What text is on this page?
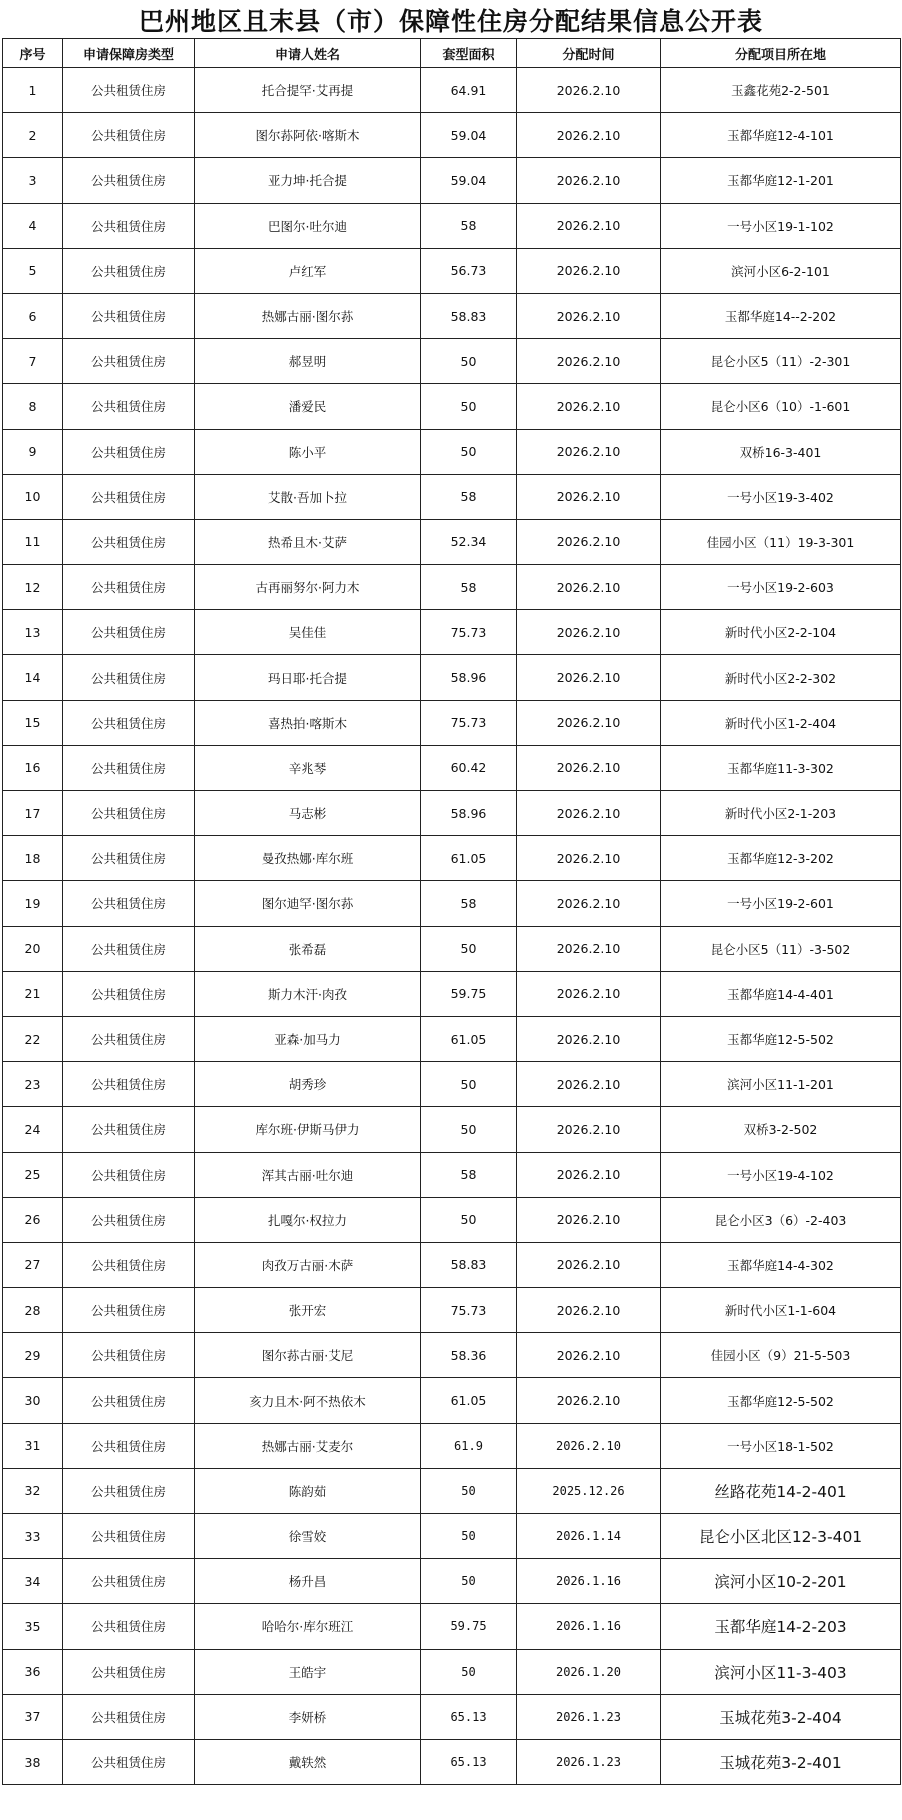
巴州地区且末县（市）保障性住房分配结果信息公开表
序号	申请保障房类型	申请人姓名	套型面积	分配时间	分配项目所在地
1	公共租赁住房	托合提罕·艾再提	64.91	2026.2.10	玉鑫花苑2-2-501
2	公共租赁住房	图尔荪阿依·喀斯木	59.04	2026.2.10	玉都华庭12-4-101
3	公共租赁住房	亚力坤·托合提	59.04	2026.2.10	玉都华庭12-1-201
4	公共租赁住房	巴图尔·吐尔迪	58	2026.2.10	一号小区19-1-102
5	公共租赁住房	卢红军	56.73	2026.2.10	滨河小区6-2-101
6	公共租赁住房	热娜古丽·图尔荪	58.83	2026.2.10	玉都华庭14--2-202
7	公共租赁住房	郝昱明	50	2026.2.10	昆仑小区5（11）-2-301
8	公共租赁住房	潘爱民	50	2026.2.10	昆仑小区6（10）-1-601
9	公共租赁住房	陈小平	50	2026.2.10	双桥16-3-401
10	公共租赁住房	艾散·吾加卜拉	58	2026.2.10	一号小区19-3-402
11	公共租赁住房	热希且木·艾萨	52.34	2026.2.10	佳园小区（11）19-3-301
12	公共租赁住房	古再丽努尔·阿力木	58	2026.2.10	一号小区19-2-603
13	公共租赁住房	吴佳佳	75.73	2026.2.10	新时代小区2-2-104
14	公共租赁住房	玛日耶·托合提	58.96	2026.2.10	新时代小区2-2-302
15	公共租赁住房	喜热拍·喀斯木	75.73	2026.2.10	新时代小区1-2-404
16	公共租赁住房	辛兆琴	60.42	2026.2.10	玉都华庭11-3-302
17	公共租赁住房	马志彬	58.96	2026.2.10	新时代小区2-1-203
18	公共租赁住房	曼孜热娜·库尔班	61.05	2026.2.10	玉都华庭12-3-202
19	公共租赁住房	图尔迪罕·图尔荪	58	2026.2.10	一号小区19-2-601
20	公共租赁住房	张希磊	50	2026.2.10	昆仑小区5（11）-3-502
21	公共租赁住房	斯力木汗·肉孜	59.75	2026.2.10	玉都华庭14-4-401
22	公共租赁住房	亚森·加马力	61.05	2026.2.10	玉都华庭12-5-502
23	公共租赁住房	胡秀珍	50	2026.2.10	滨河小区11-1-201
24	公共租赁住房	库尔班·伊斯马伊力	50	2026.2.10	双桥3-2-502
25	公共租赁住房	浑其古丽·吐尔迪	58	2026.2.10	一号小区19-4-102
26	公共租赁住房	扎嘎尔·权拉力	50	2026.2.10	昆仑小区3（6）-2-403
27	公共租赁住房	肉孜万古丽·木萨	58.83	2026.2.10	玉都华庭14-4-302
28	公共租赁住房	张开宏	75.73	2026.2.10	新时代小区1-1-604
29	公共租赁住房	图尔荪古丽·艾尼	58.36	2026.2.10	佳园小区（9）21-5-503
30	公共租赁住房	亥力且木·阿不热依木	61.05	2026.2.10	玉都华庭12-5-502
31	公共租赁住房	热娜古丽·艾麦尔	61.9	2026.2.10	一号小区18-1-502
32	公共租赁住房	陈韵茹	50	2025.12.26	丝路花苑14-2-401
33	公共租赁住房	徐雪姣	50	2026.1.14	昆仑小区北区12-3-401
34	公共租赁住房	杨升昌	50	2026.1.16	滨河小区10-2-201
35	公共租赁住房	哈哈尔·库尔班江	59.75	2026.1.16	玉都华庭14-2-203
36	公共租赁住房	王皓宇	50	2026.1.20	滨河小区11-3-403
37	公共租赁住房	李妍桥	65.13	2026.1.23	玉城花苑3-2-404
38	公共租赁住房	戴轶然	65.13	2026.1.23	玉城花苑3-2-401
